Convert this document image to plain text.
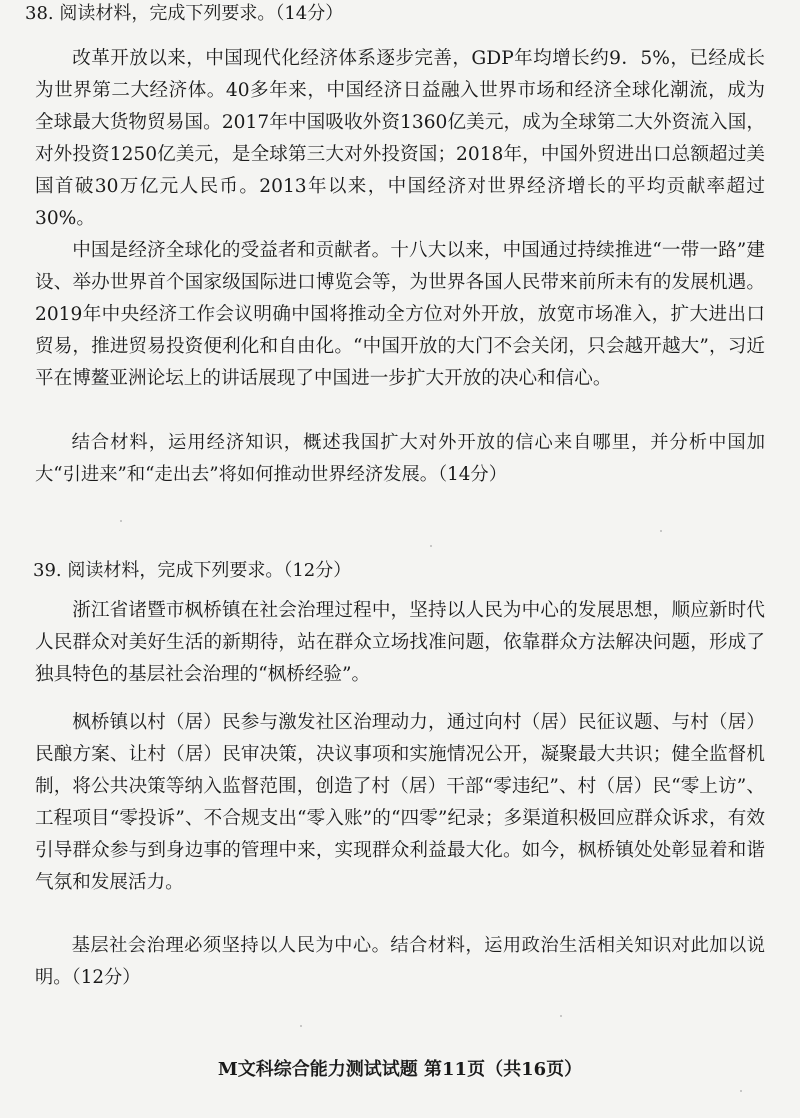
38. 阅读材料，完成下列要求。（14分）

改革开放以来，中国现代化经济体系逐步完善，GDP年均增长约9．5%，已经成长为世界第二大经济体。40多年来，中国经济日益融入世界市场和经济全球化潮流，成为全球最大货物贸易国。2017年中国吸收外资1360亿美元，成为全球第二大外资流入国，对外投资1250亿美元，是全球第三大对外投资国；2018年，中国外贸进出口总额超过美国首破30万亿元人民币。2013年以来，中国经济对世界经济增长的平均贡献率超过30%。

中国是经济全球化的受益者和贡献者。十八大以来，中国通过持续推进“一带一路”建设、举办世界首个国家级国际进口博览会等，为世界各国人民带来前所未有的发展机遇。2019年中央经济工作会议明确中国将推动全方位对外开放，放宽市场准入，扩大进出口贸易，推进贸易投资便利化和自由化。“中国开放的大门不会关闭，只会越开越大”，习近平在博鳌亚洲论坛上的讲话展现了中国进一步扩大开放的决心和信心。

结合材料，运用经济知识，概述我国扩大对外开放的信心来自哪里，并分析中国加大“引进来”和“走出去”将如何推动世界经济发展。（14分）

39. 阅读材料，完成下列要求。（12分）

浙江省诸暨市枫桥镇在社会治理过程中，坚持以人民为中心的发展思想，顺应新时代人民群众对美好生活的新期待，站在群众立场找准问题，依靠群众方法解决问题，形成了独具特色的基层社会治理的“枫桥经验”。

枫桥镇以村（居）民参与激发社区治理动力，通过向村（居）民征议题、与村（居）民酿方案、让村（居）民审决策，决议事项和实施情况公开，凝聚最大共识；健全监督机制，将公共决策等纳入监督范围，创造了村（居）干部“零违纪”、村（居）民“零上访”、工程项目“零投诉”、不合规支出“零入账”的“四零”纪录；多渠道积极回应群众诉求，有效引导群众参与到身边事的管理中来，实现群众利益最大化。如今，枫桥镇处处彰显着和谐气氛和发展活力。

基层社会治理必须坚持以人民为中心。结合材料，运用政治生活相关知识对此加以说明。（12分）

M文科综合能力测试试题 第11页（共16页）
